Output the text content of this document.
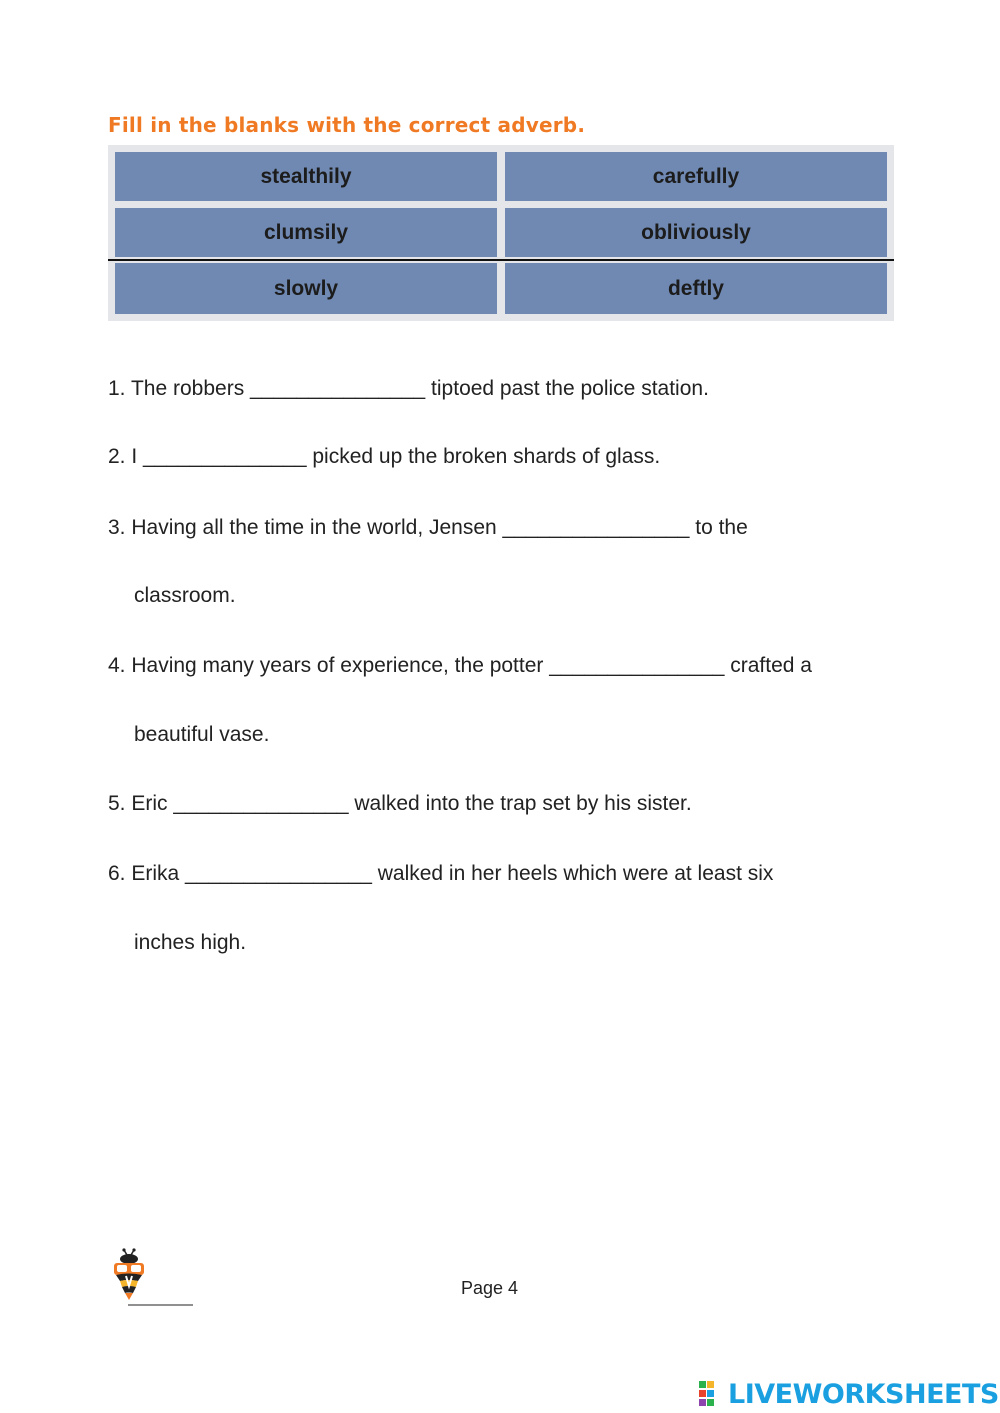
Fill in the blanks with the correct adverb.
stealthily	carefully
clumsily	obliviously
slowly	deftly

1. The robbers _______________ tiptoed past the police station.

2. I ______________ picked up the broken shards of glass.

3. Having all the time in the world, Jensen ________________ to the

classroom.

4. Having many years of experience, the potter _______________ crafted a

beautiful vase.

5. Eric _______________ walked into the trap set by his sister.

6. Erika ________________ walked in her heels which were at least six

inches high.

Page 4

LIVEWORKSHEETS
